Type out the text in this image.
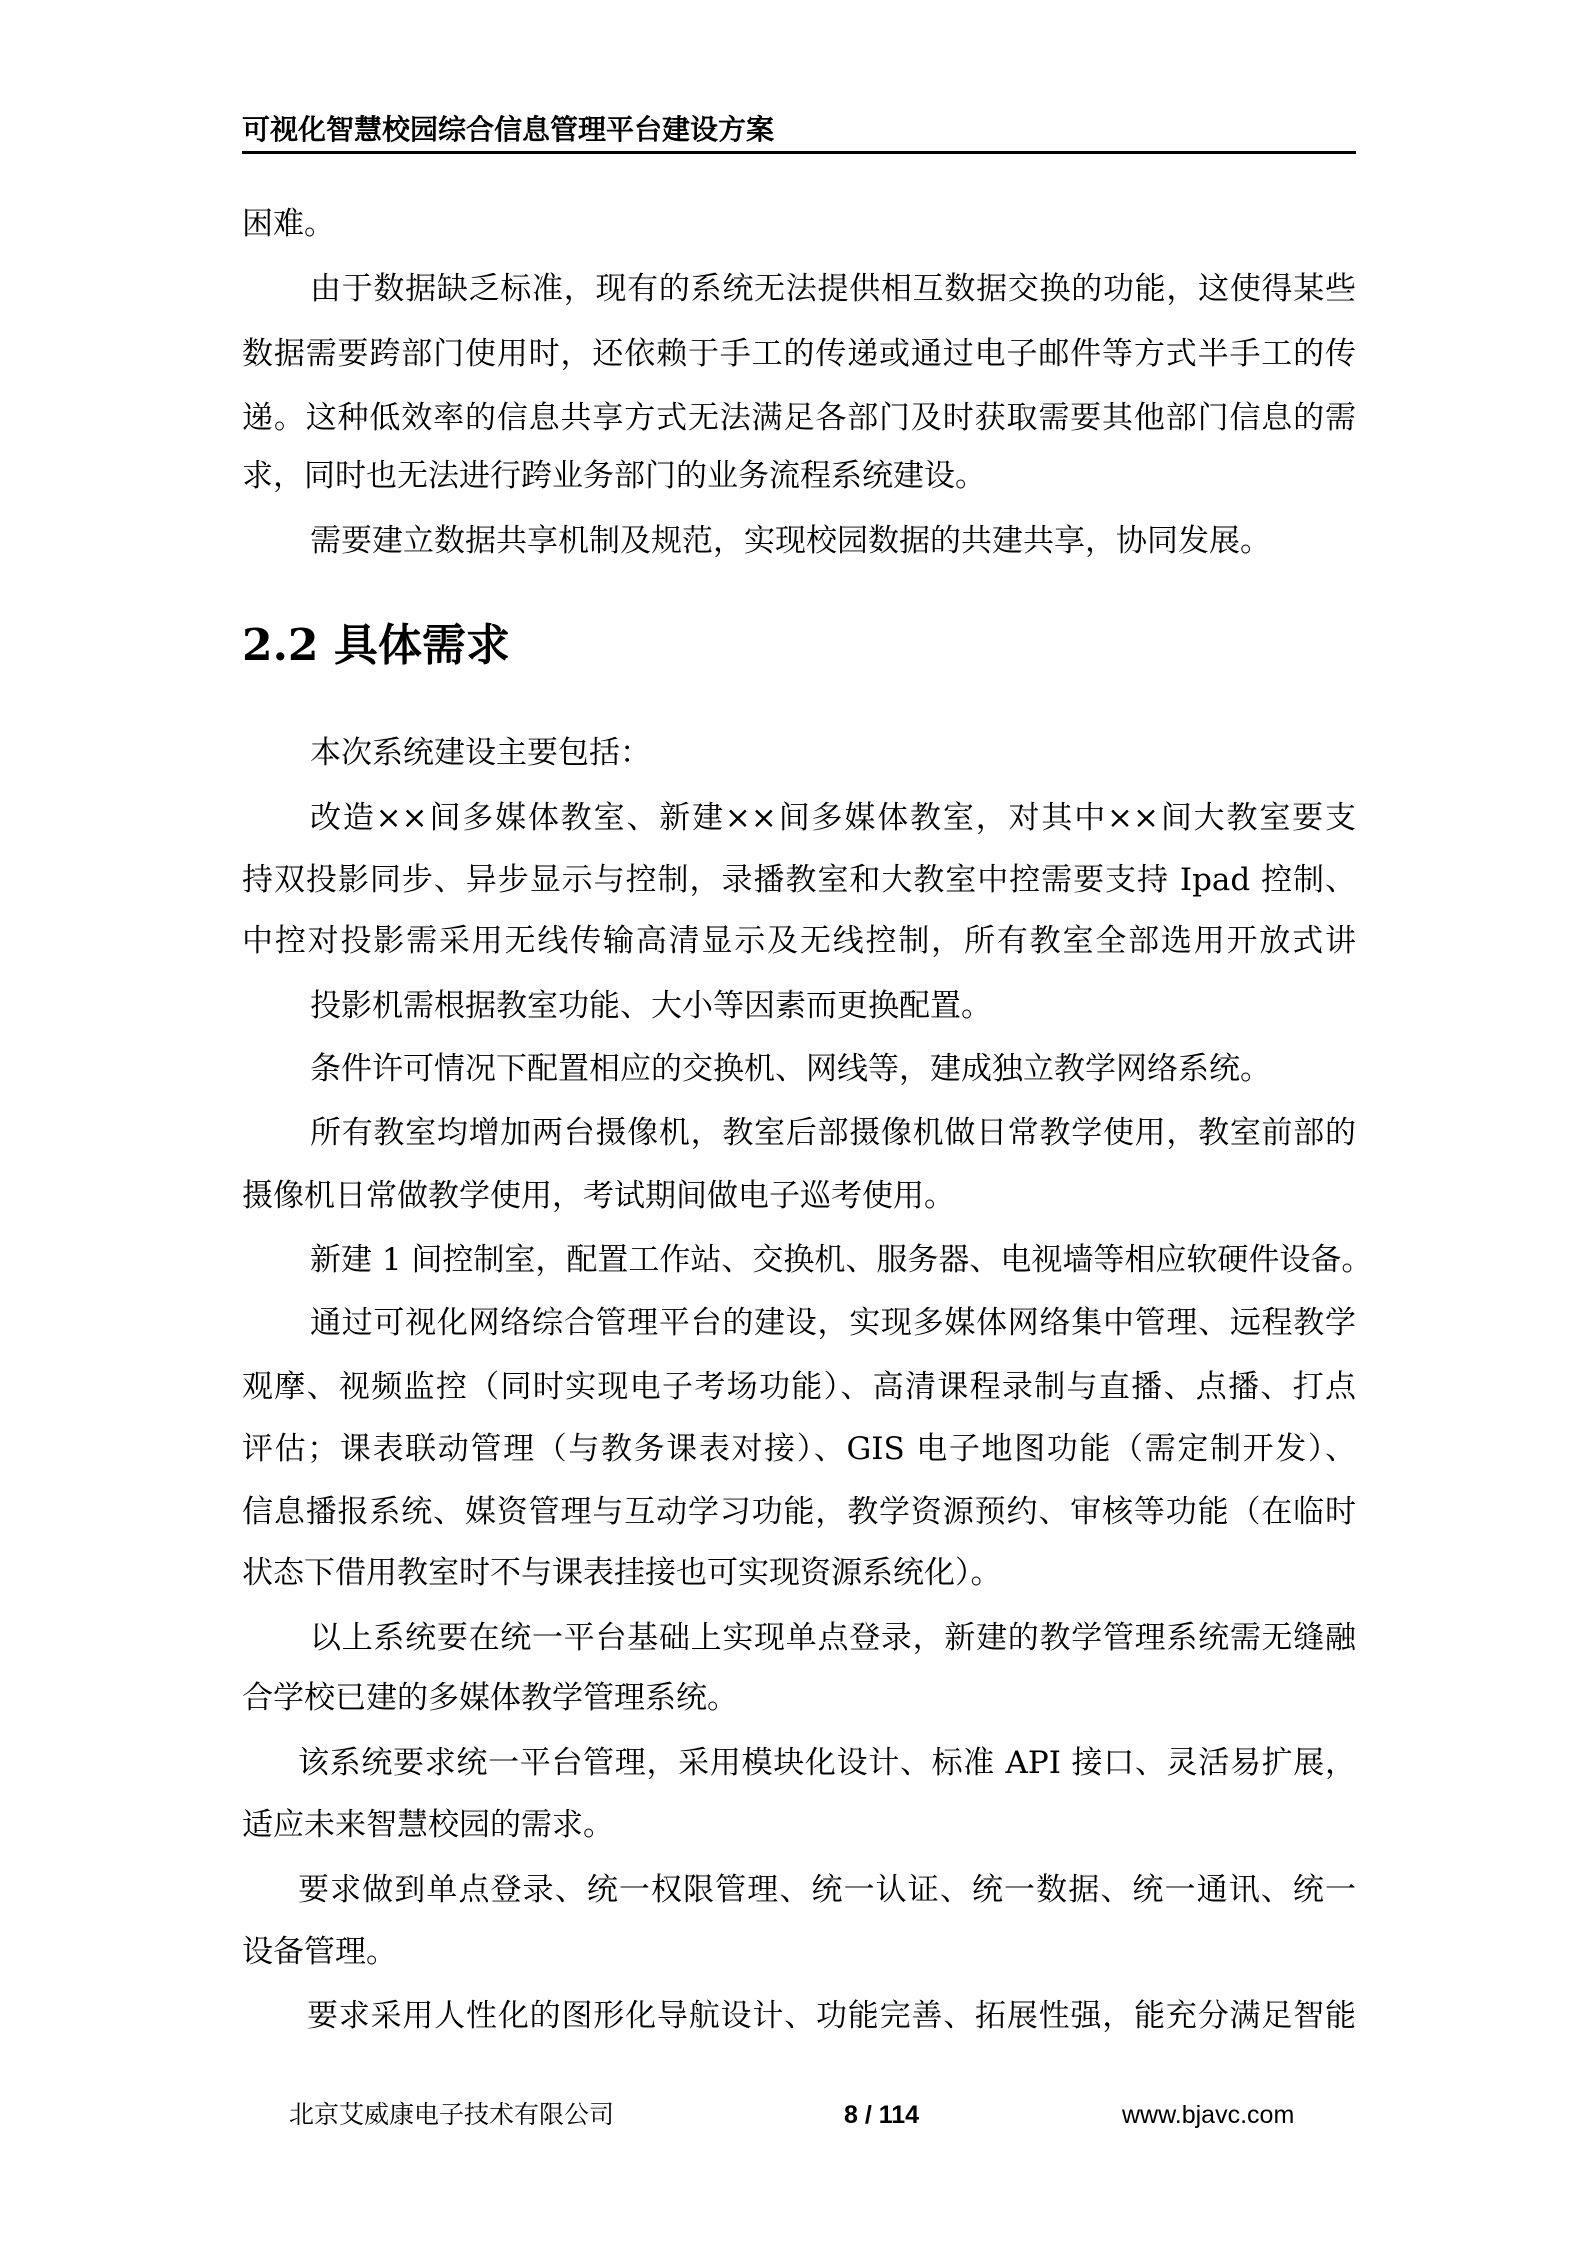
可视化智慧校园综合信息管理平台建设方案
困难。
由于数据缺乏标准，现有的系统无法提供相互数据交换的功能，这使得某些
数据需要跨部门使用时，还依赖于手工的传递或通过电子邮件等方式半手工的传
递。这种低效率的信息共享方式无法满足各部门及时获取需要其他部门信息的需
求，同时也无法进行跨业务部门的业务流程系统建设。
需要建立数据共享机制及规范，实现校园数据的共建共享，协同发展。
2.2 具体需求
本次系统建设主要包括：
改造××间多媒体教室、新建××间多媒体教室，对其中××间大教室要支
持双投影同步、异步显示与控制，录播教室和大教室中控需要支持 Ipad 控制、
中控对投影需采用无线传输高清显示及无线控制，所有教室全部选用开放式讲
投影机需根据教室功能、大小等因素而更换配置。
条件许可情况下配置相应的交换机、网线等，建成独立教学网络系统。
所有教室均增加两台摄像机，教室后部摄像机做日常教学使用，教室前部的
摄像机日常做教学使用，考试期间做电子巡考使用。
新建 1 间控制室，配置工作站、交换机、服务器、电视墙等相应软硬件设备。
通过可视化网络综合管理平台的建设，实现多媒体网络集中管理、远程教学
观摩、视频监控（同时实现电子考场功能）、高清课程录制与直播、点播、打点
评估；课表联动管理（与教务课表对接）、GIS 电子地图功能（需定制开发）、
信息播报系统、媒资管理与互动学习功能，教学资源预约、审核等功能（在临时
状态下借用教室时不与课表挂接也可实现资源系统化）。
以上系统要在统一平台基础上实现单点登录，新建的教学管理系统需无缝融
合学校已建的多媒体教学管理系统。
该系统要求统一平台管理，采用模块化设计、标准 API 接口、灵活易扩展，
适应未来智慧校园的需求。
要求做到单点登录、统一权限管理、统一认证、统一数据、统一通讯、统一
设备管理。
要求采用人性化的图形化导航设计、功能完善、拓展性强，能充分满足智能
北京艾威康电子技术有限公司	8 / 114	www.bjavc.com
